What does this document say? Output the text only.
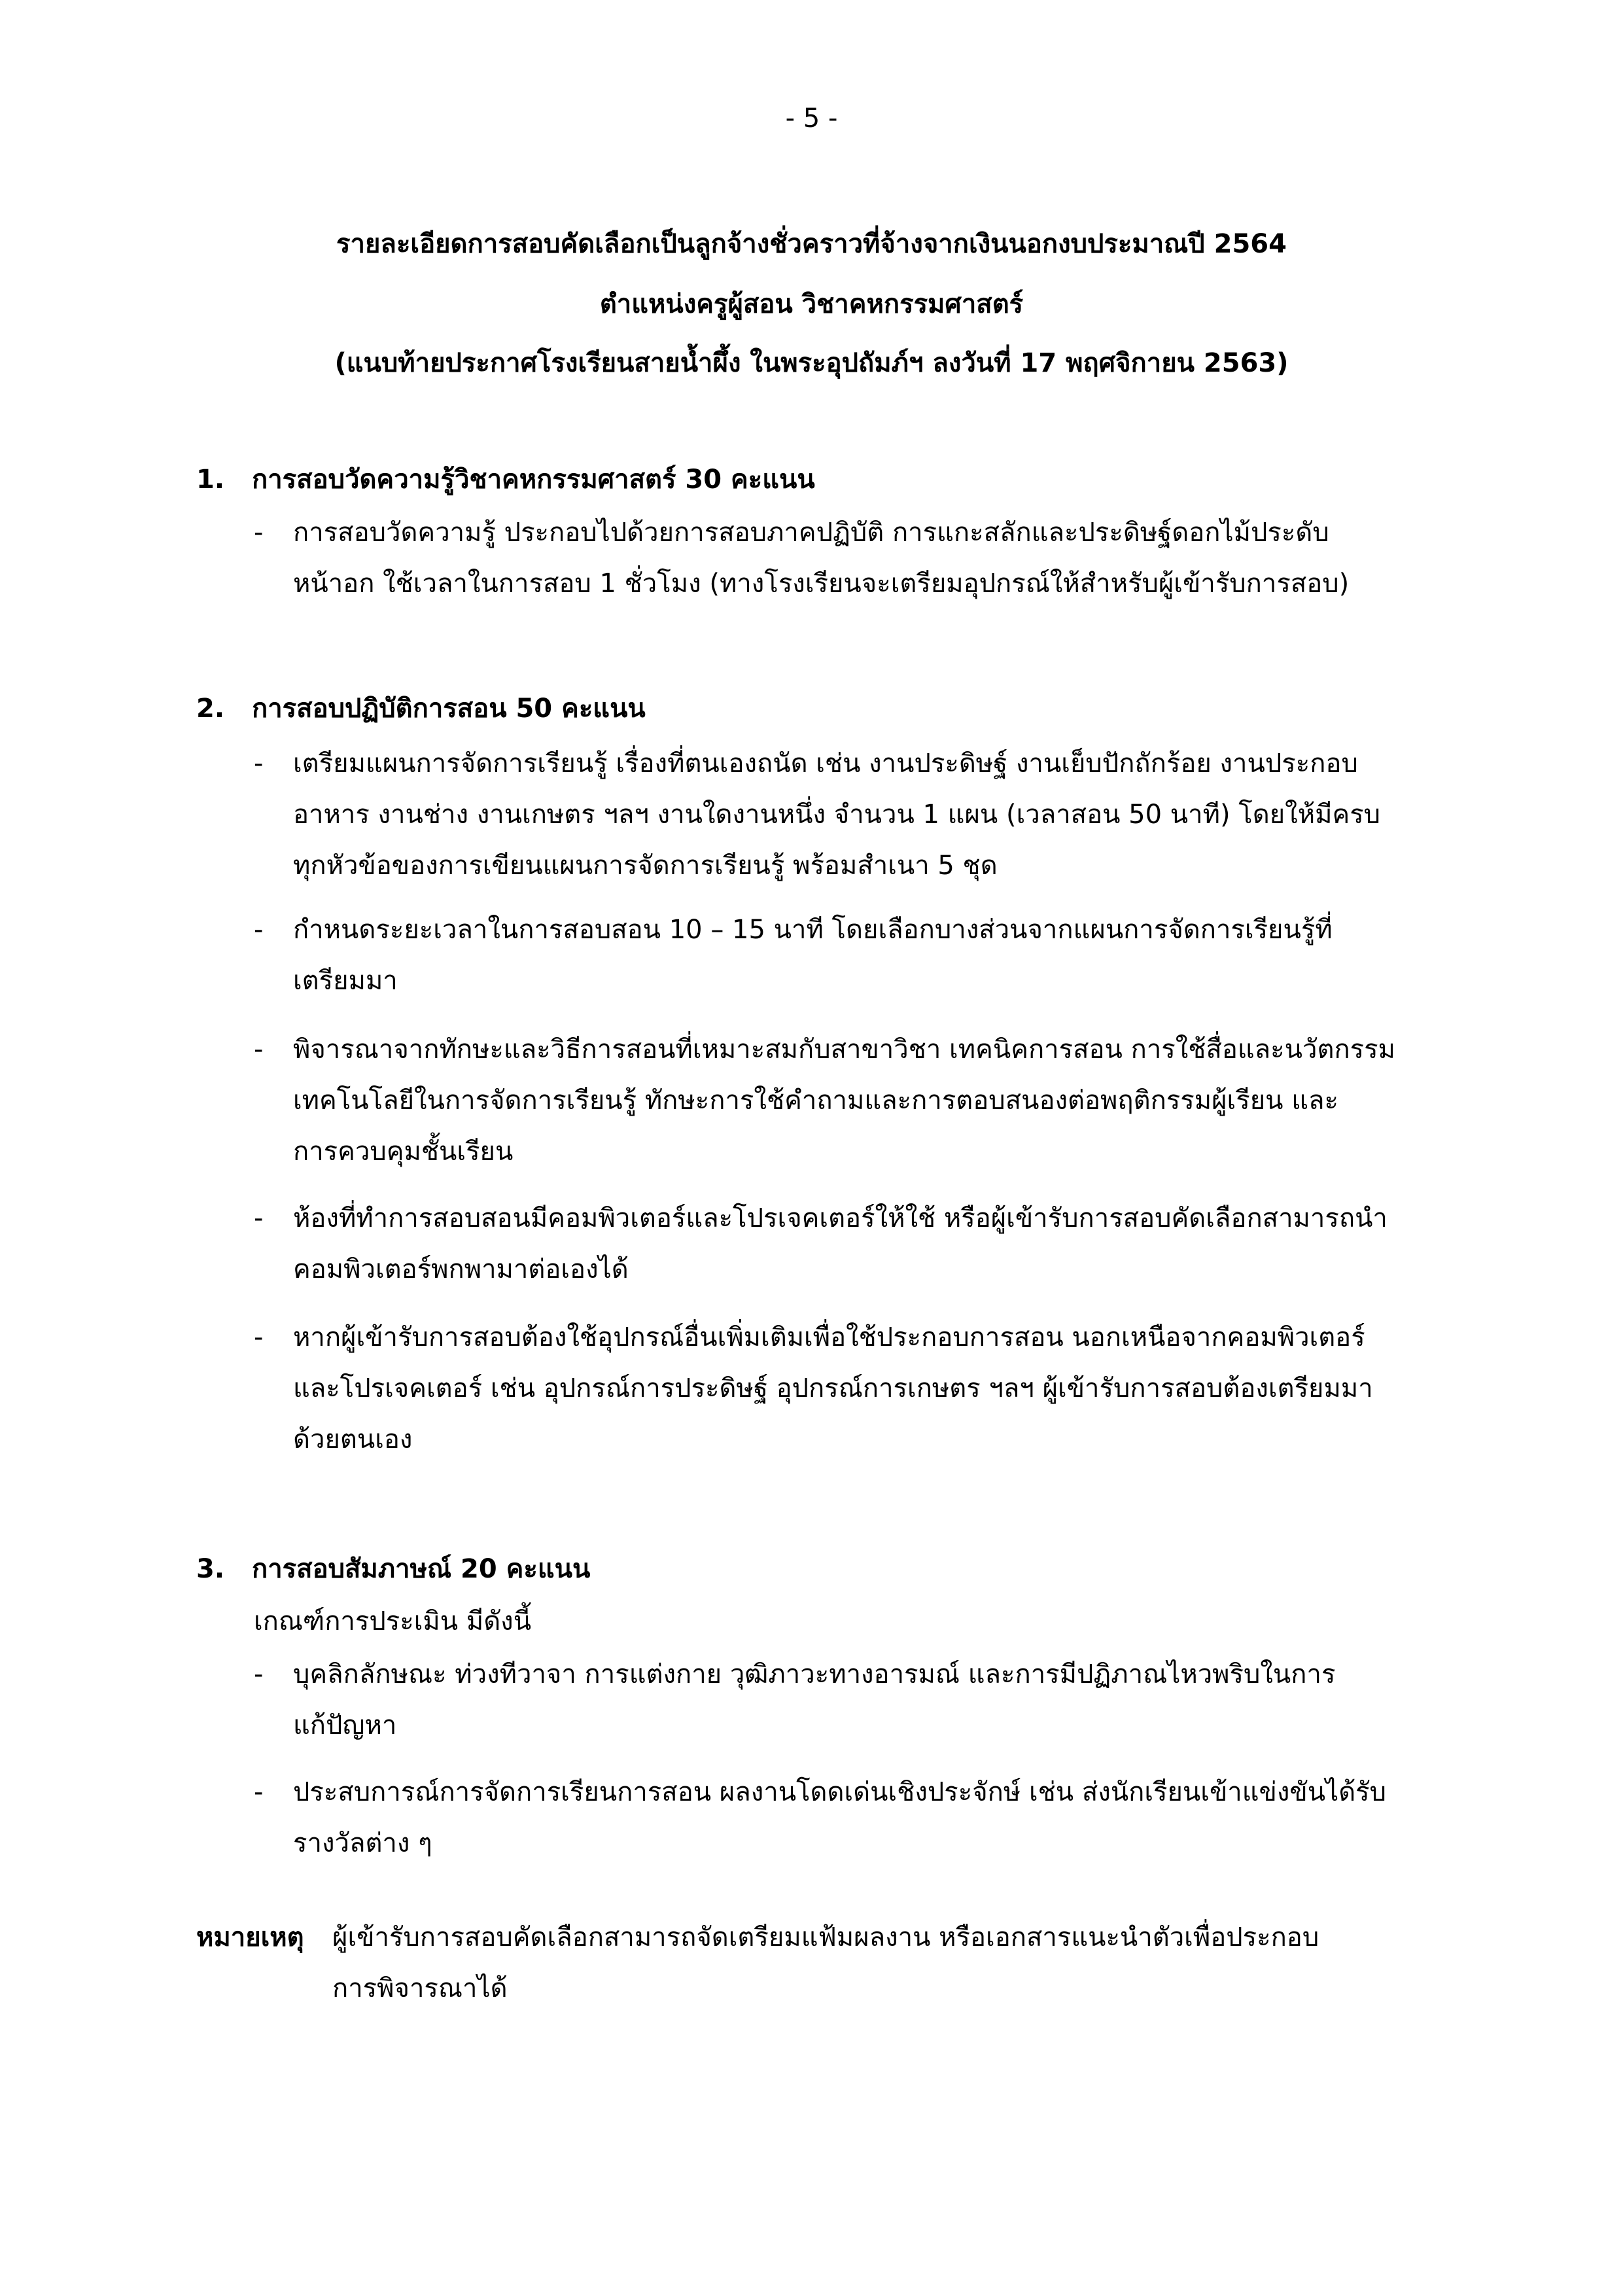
- 5 -
รายละเอียดการสอบคัดเลือกเป็นลูกจ้างชั่วคราวที่จ้างจากเงินนอกงบประมาณปี 2564
ตำแหน่งครูผู้สอน วิชาคหกรรมศาสตร์
(แนบท้ายประกาศโรงเรียนสายน้ำผึ้ง ในพระอุปถัมภ์ฯ ลงวันที่ 17 พฤศจิกายน 2563)
1. การสอบวัดความรู้วิชาคหกรรมศาสตร์ 30 คะแนน
- การสอบวัดความรู้ ประกอบไปด้วยการสอบภาคปฏิบัติ การแกะสลักและประดิษฐ์ดอกไม้ประดับ
หน้าอก ใช้เวลาในการสอบ 1 ชั่วโมง (ทางโรงเรียนจะเตรียมอุปกรณ์ให้สำหรับผู้เข้ารับการสอบ)
2. การสอบปฏิบัติการสอน 50 คะแนน
- เตรียมแผนการจัดการเรียนรู้ เรื่องที่ตนเองถนัด เช่น งานประดิษฐ์ งานเย็บปักถักร้อย งานประกอบ
อาหาร งานช่าง งานเกษตร ฯลฯ งานใดงานหนึ่ง จำนวน 1 แผน (เวลาสอน 50 นาที) โดยให้มีครบ
ทุกหัวข้อของการเขียนแผนการจัดการเรียนรู้ พร้อมสำเนา 5 ชุด
- กำหนดระยะเวลาในการสอบสอน 10 – 15 นาที โดยเลือกบางส่วนจากแผนการจัดการเรียนรู้ที่
เตรียมมา
- พิจารณาจากทักษะและวิธีการสอนที่เหมาะสมกับสาขาวิชา เทคนิคการสอน การใช้สื่อและนวัตกรรม
เทคโนโลยีในการจัดการเรียนรู้ ทักษะการใช้คำถามและการตอบสนองต่อพฤติกรรมผู้เรียน และ
การควบคุมชั้นเรียน
- ห้องที่ทำการสอบสอนมีคอมพิวเตอร์และโปรเจคเตอร์ให้ใช้ หรือผู้เข้ารับการสอบคัดเลือกสามารถนำ
คอมพิวเตอร์พกพามาต่อเองได้
- หากผู้เข้ารับการสอบต้องใช้อุปกรณ์อื่นเพิ่มเติมเพื่อใช้ประกอบการสอน นอกเหนือจากคอมพิวเตอร์
และโปรเจคเตอร์ เช่น อุปกรณ์การประดิษฐ์ อุปกรณ์การเกษตร ฯลฯ ผู้เข้ารับการสอบต้องเตรียมมา
ด้วยตนเอง
3. การสอบสัมภาษณ์ 20 คะแนน
เกณฑ์การประเมิน มีดังนี้
- บุคลิกลักษณะ ท่วงทีวาจา การแต่งกาย วุฒิภาวะทางอารมณ์ และการมีปฏิภาณไหวพริบในการ
แก้ปัญหา
- ประสบการณ์การจัดการเรียนการสอน ผลงานโดดเด่นเชิงประจักษ์ เช่น ส่งนักเรียนเข้าแข่งขันได้รับ
รางวัลต่าง ๆ
หมายเหตุ ผู้เข้ารับการสอบคัดเลือกสามารถจัดเตรียมแฟ้มผลงาน หรือเอกสารแนะนำตัวเพื่อประกอบ
การพิจารณาได้
